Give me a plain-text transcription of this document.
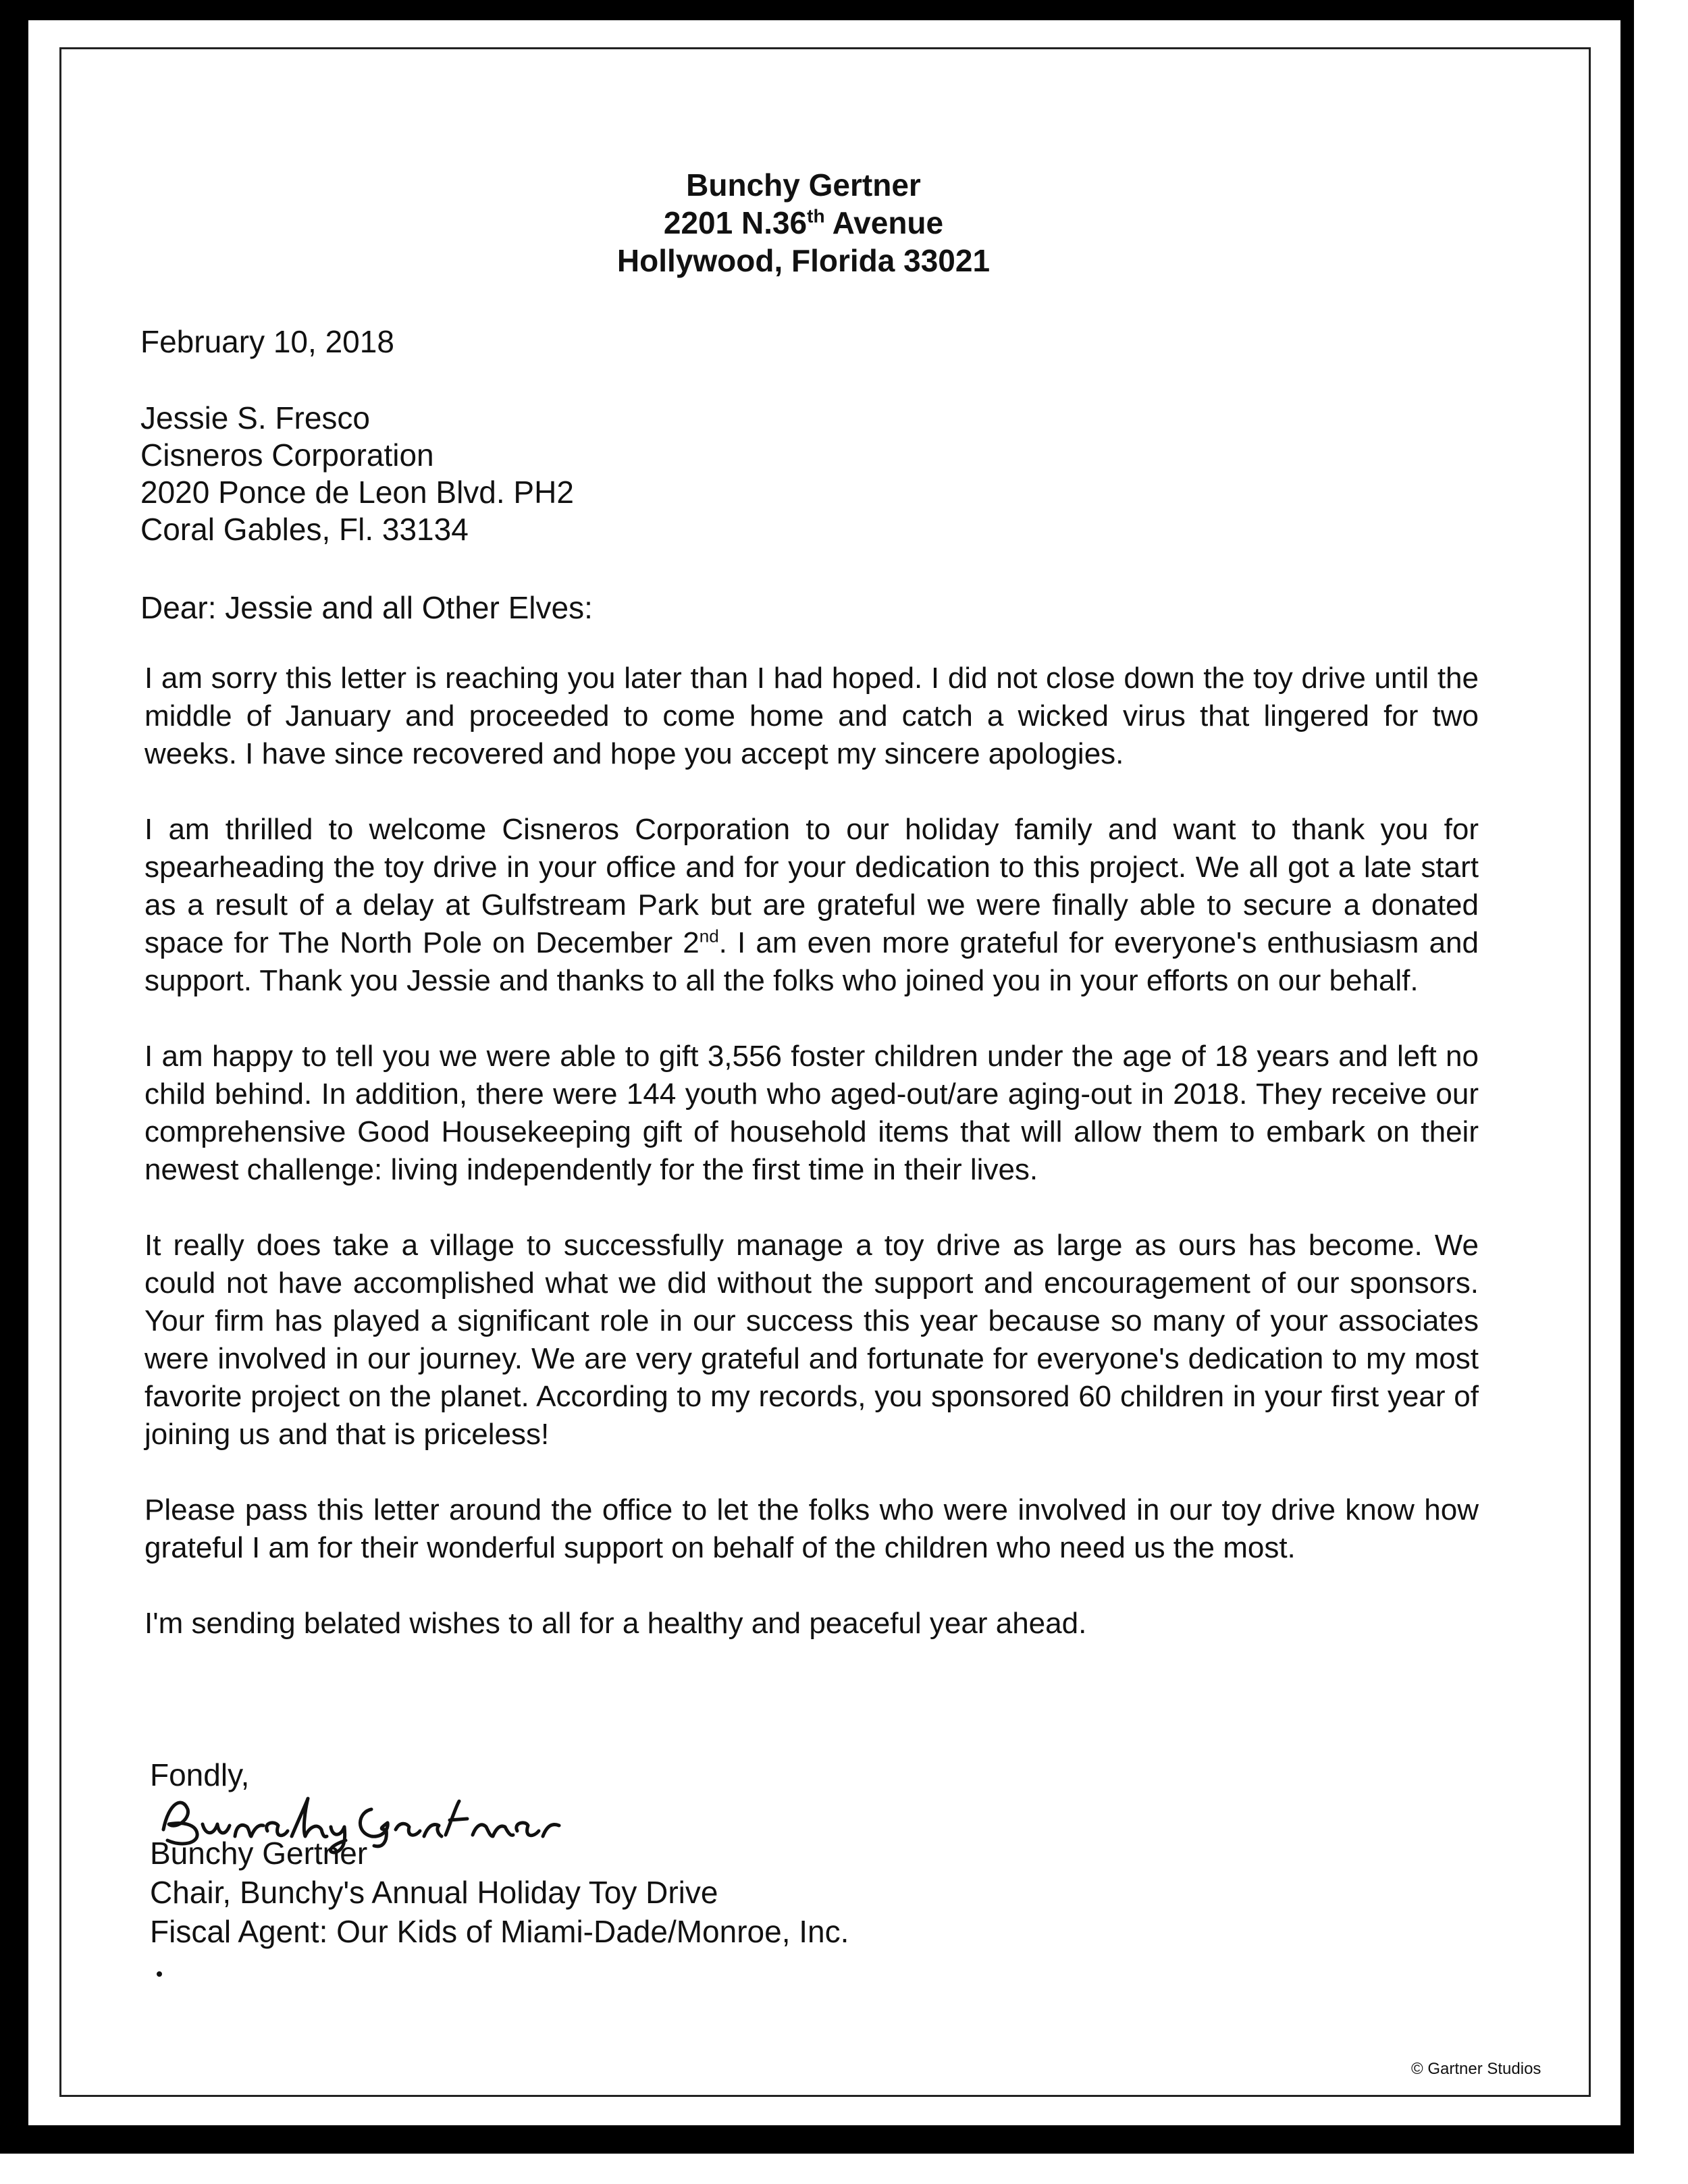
Bunchy Gertner
2201 N.36th Avenue
Hollywood, Florida 33021
February 10, 2018
Jessie S. Fresco
Cisneros Corporation
2020 Ponce de Leon Blvd. PH2
Coral Gables, Fl. 33134
Dear: Jessie and all Other Elves:

I am sorry this letter is reaching you later than I had hoped. I did not close down the toy drive until the middle of January and proceeded to come home and catch a wicked virus that lingered for two weeks. I have since recovered and hope you accept my sincere apologies.

I am thrilled to welcome Cisneros Corporation to our holiday family and want to thank you for spearheading the toy drive in your office and for your dedication to this project. We all got a late start as a result of a delay at Gulfstream Park but are grateful we were finally able to secure a donated space for The North Pole on December 2nd. I am even more grateful for everyone's enthusiasm and support. Thank you Jessie and thanks to all the folks who joined you in your efforts on our behalf.

I am happy to tell you we were able to gift 3,556 foster children under the age of 18 years and left no child behind. In addition, there were 144 youth who aged-out/are aging-out in 2018. They receive our comprehensive Good Housekeeping gift of household items that will allow them to embark on their newest challenge: living independently for the first time in their lives.

It really does take a village to successfully manage a toy drive as large as ours has become. We could not have accomplished what we did without the support and encouragement of our sponsors. Your firm has played a significant role in our success this year because so many of your associates were involved in our journey. We are very grateful and fortunate for everyone's dedication to my most favorite project on the planet. According to my records, you sponsored 60 children in your first year of joining us and that is priceless!

Please pass this letter around the office to let the folks who were involved in our toy drive know how grateful I am for their wonderful support on behalf of the children who need us the most.

I'm sending belated wishes to all for a healthy and peaceful year ahead.

Fondly,
Bunchy Gertner
Chair, Bunchy's Annual Holiday Toy Drive
Fiscal Agent: Our Kids of Miami-Dade/Monroe, Inc.
© Gartner Studios
